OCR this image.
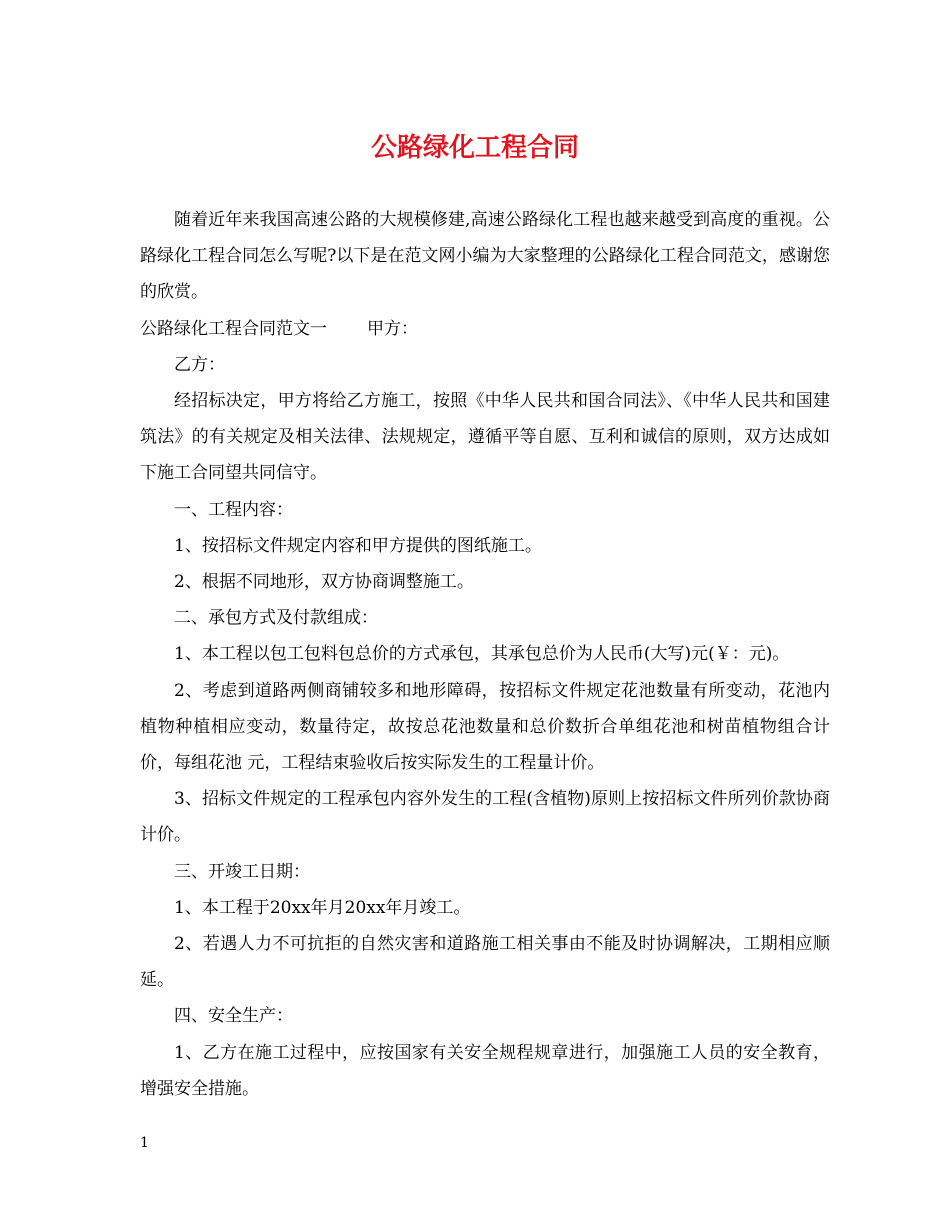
公路绿化工程合同

随着近年来我国高速公路的大规模修建,高速公路绿化工程也越来越受到高度的重视。公路绿化工程合同怎么写呢?以下是在范文网小编为大家整理的公路绿化工程合同范文，感谢您的欣赏。

公路绿化工程合同范文一 甲方：

乙方：

经招标决定，甲方将给乙方施工，按照《中华人民共和国合同法》、《中华人民共和国建筑法》的有关规定及相关法律、法规规定，遵循平等自愿、互利和诚信的原则，双方达成如下施工合同望共同信守。

一、工程内容：

1、按招标文件规定内容和甲方提供的图纸施工。

2、根据不同地形，双方协商调整施工。

二、承包方式及付款组成：

1、本工程以包工包料包总价的方式承包，其承包总价为人民币(大写)元(￥：元)。

2、考虑到道路两侧商铺较多和地形障碍，按招标文件规定花池数量有所变动，花池内植物种植相应变动，数量待定，故按总花池数量和总价数折合单组花池和树苗植物组合计价，每组花池 元，工程结束验收后按实际发生的工程量计价。

3、招标文件规定的工程承包内容外发生的工程(含植物)原则上按招标文件所列价款协商计价。

三、开竣工日期：

1、本工程于20xx年月20xx年月竣工。

2、若遇人力不可抗拒的自然灾害和道路施工相关事由不能及时协调解决，工期相应顺延。

四、安全生产：

1、乙方在施工过程中，应按国家有关安全规程规章进行，加强施工人员的安全教育，增强安全措施。

1
